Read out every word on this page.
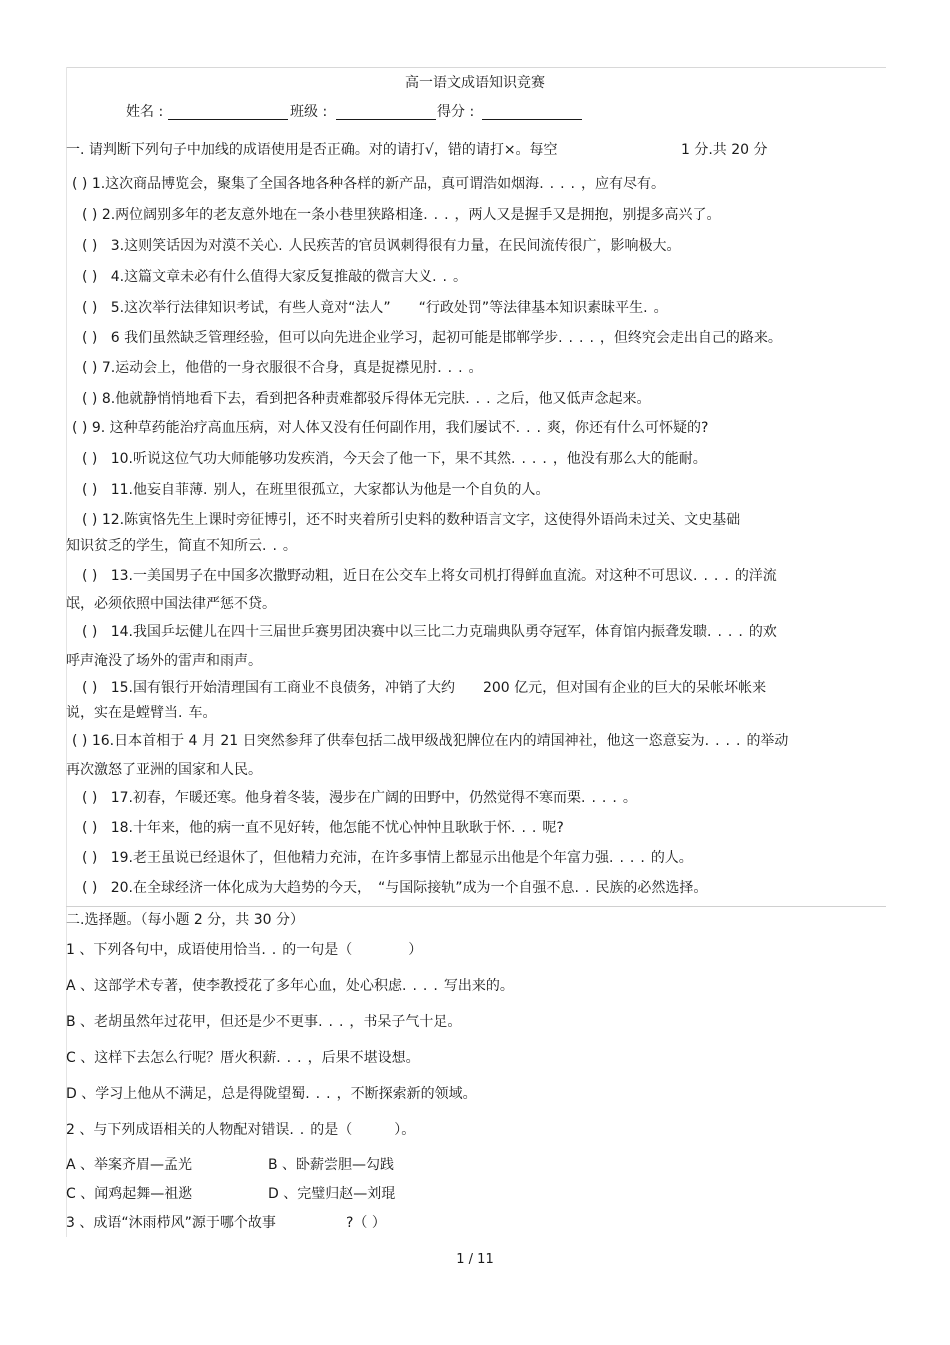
高一语文成语知识竞赛
姓名 :	班级 :	得分 :
一. 请判断下列句子中加线的成语使用是否正确。对的请打√，错的请打×。每空	1 分.共 20 分
( ) 1.这次商品博览会，聚集了全国各地各种各样的新产品，真可谓浩如烟海....，应有尽有。
( ) 2.两位阔别多年的老友意外地在一条小巷里狭路相逢...，两人又是握手又是拥抱，别提多高兴了。
( ) 3.这则笑话因为对漠不关心.人民疾苦的官员讽刺得很有力量，在民间流传很广，影响极大。
( ) 4.这篇文章未必有什么值得大家反复推敲的微言大义..。
( ) 5.这次举行法律知识考试，有些人竟对“法人”　　“行政处罚”等法律基本知识素昧平生.。
( ) 6 我们虽然缺乏管理经验，但可以向先进企业学习，起初可能是邯郸学步....，但终究会走出自己的路来。
( ) 7.运动会上，他借的一身衣服很不合身，真是捉襟见肘...。
( ) 8.他就静悄悄地看下去，看到把各种责难都驳斥得体无完肤...之后，他又低声念起来。
( ) 9. 这种草药能治疗高血压病，对人体又没有任何副作用，我们屡试不...爽，你还有什么可怀疑的?
( ) 10.听说这位气功大师能够功发疾消，今天会了他一下，果不其然....，他没有那么大的能耐。
( ) 11.他妄自菲薄.别人，在班里很孤立，大家都认为他是一个自负的人。
( ) 12.陈寅恪先生上课时旁征博引，还不时夹着所引史料的数种语言文字，这使得外语尚未过关、文史基础
知识贫乏的学生，简直不知所云..。
( ) 13.一美国男子在中国多次撒野动粗，近日在公交车上将女司机打得鲜血直流。对这种不可思议....的洋流
氓，必须依照中国法律严惩不贷。
( ) 14.我国乒坛健儿在四十三届世乒赛男团决赛中以三比二力克瑞典队勇夺冠军，体育馆内振聋发聩....的欢
呼声淹没了场外的雷声和雨声。
( ) 15.国有银行开始清理国有工商业不良债务，冲销了大约　　200 亿元，但对国有企业的巨大的呆帐坏帐来
说，实在是螳臂当.车。
( ) 16.日本首相于 4 月 21 日突然参拜了供奉包括二战甲级战犯牌位在内的靖国神社，他这一恣意妄为....的举动
再次激怒了亚洲的国家和人民。
( ) 17.初春，乍暖还寒。他身着冬装，漫步在广阔的田野中，仍然觉得不寒而栗....。
( ) 18.十年来，他的病一直不见好转，他怎能不忧心忡忡且耿耿于怀...呢?
( ) 19.老王虽说已经退休了，但他精力充沛，在许多事情上都显示出他是个年富力强....的人。
( ) 20.在全球经济一体化成为大趋势的今天，　“与国际接轨”成为一个自强不息..民族的必然选择。
二.选择题。（每小题 2 分，共 30 分）
1 、下列各句中，成语使用恰当..的一句是（　　　　）
A 、这部学术专著，使李教授花了多年心血，处心积虑....写出来的。
B 、老胡虽然年过花甲，但还是少不更事...，书呆子气十足。
C 、这样下去怎么行呢？厝火积薪...，后果不堪设想。
D 、学习上他从不满足，总是得陇望蜀...，不断探索新的领域。
2 、与下列成语相关的人物配对错误..的是（　　　）。
A 、举案齐眉—孟光	B 、卧薪尝胆—勾践
C 、闻鸡起舞—祖逖	D 、完璧归赵—刘琨
3 、成语“沐雨栉风”源于哪个故事	?（ ）
1 / 11
